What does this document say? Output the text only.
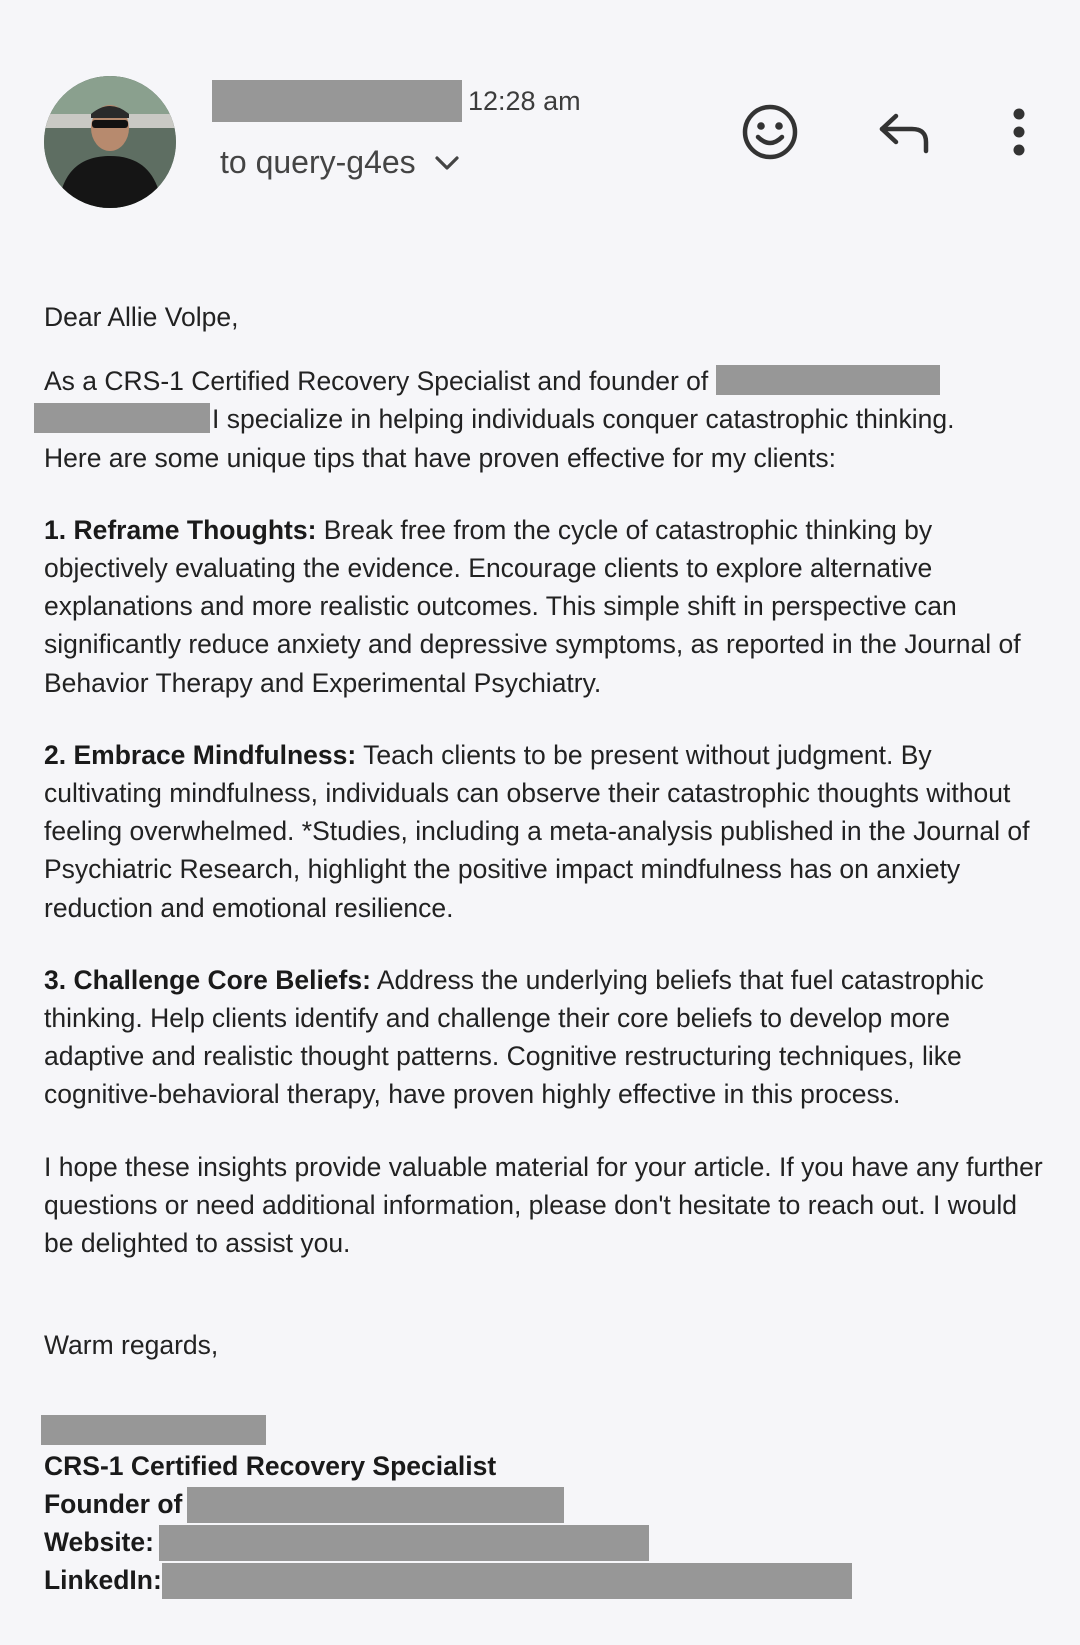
12:28 am
to query-g4es

Dear Allie Volpe,

As a CRS-1 Certified Recovery Specialist and founder of
I specialize in helping individuals conquer catastrophic thinking.
Here are some unique tips that have proven effective for my clients:

1. Reframe Thoughts: Break free from the cycle of catastrophic thinking by objectively evaluating the evidence. Encourage clients to explore alternative explanations and more realistic outcomes. This simple shift in perspective can significantly reduce anxiety and depressive symptoms, as reported in the Journal of Behavior Therapy and Experimental Psychiatry.

2. Embrace Mindfulness: Teach clients to be present without judgment. By cultivating mindfulness, individuals can observe their catastrophic thoughts without feeling overwhelmed. *Studies, including a meta-analysis published in the Journal of Psychiatric Research, highlight the positive impact mindfulness has on anxiety reduction and emotional resilience.

3. Challenge Core Beliefs: Address the underlying beliefs that fuel catastrophic thinking. Help clients identify and challenge their core beliefs to develop more adaptive and realistic thought patterns. Cognitive restructuring techniques, like cognitive-behavioral therapy, have proven highly effective in this process.

I hope these insights provide valuable material for your article. If you have any further questions or need additional information, please don't hesitate to reach out. I would be delighted to assist you.

Warm regards,

CRS-1 Certified Recovery Specialist
Founder of
Website:
LinkedIn:
